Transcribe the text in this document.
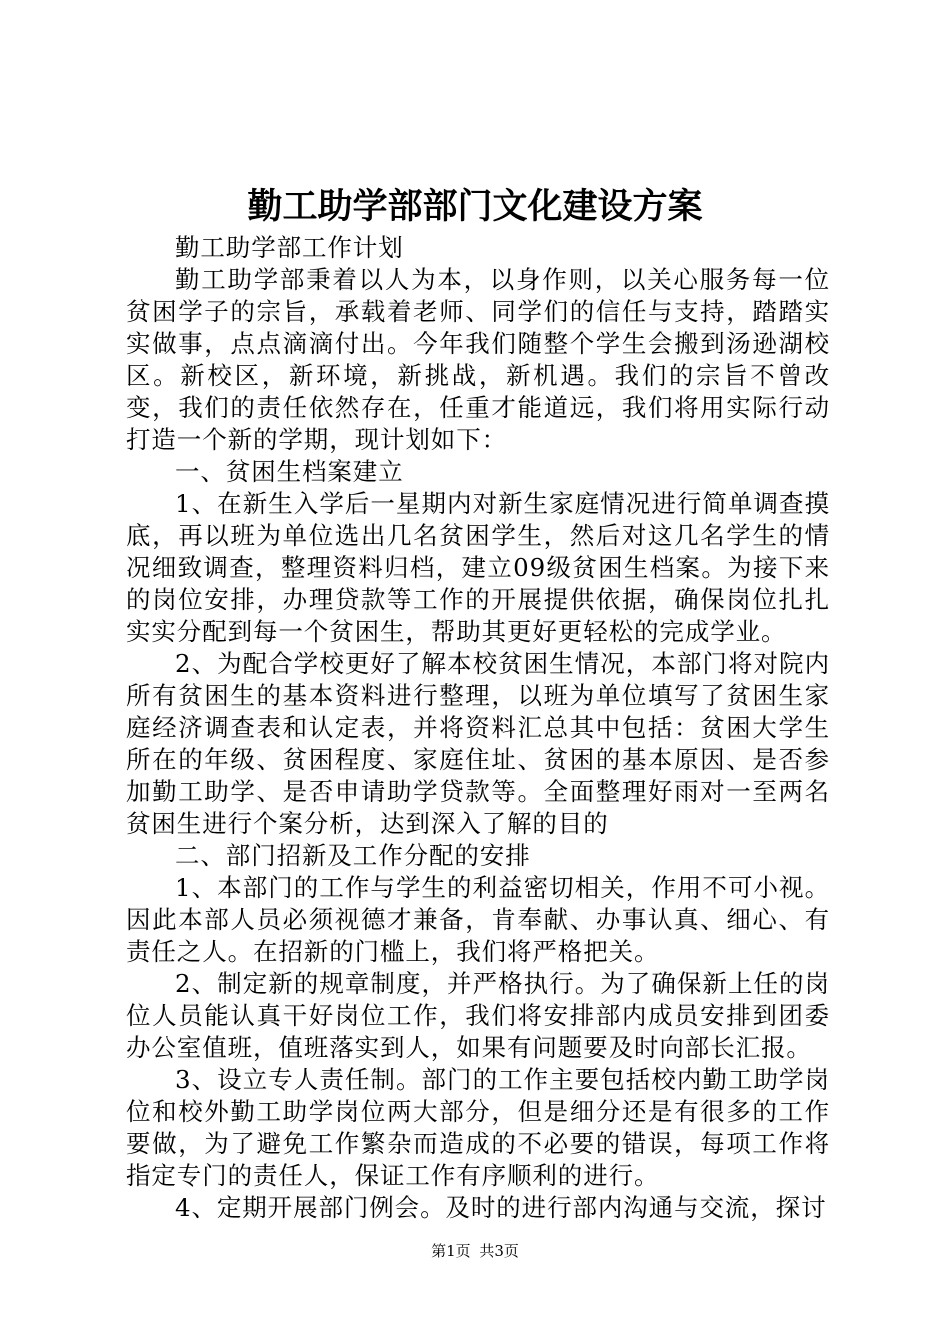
勤工助学部部门文化建设方案

勤工助学部工作计划

勤工助学部秉着以人为本，以身作则，以关心服务每一位贫困学子的宗旨，承载着老师、同学们的信任与支持，踏踏实实做事，点点滴滴付出。今年我们随整个学生会搬到汤逊湖校区。新校区，新环境，新挑战，新机遇。我们的宗旨不曾改变，我们的责任依然存在，任重才能道远，我们将用实际行动打造一个新的学期，现计划如下：

一、贫困生档案建立

1、在新生入学后一星期内对新生家庭情况进行简单调查摸底，再以班为单位选出几名贫困学生，然后对这几名学生的情况细致调查，整理资料归档，建立09级贫困生档案。为接下来的岗位安排，办理贷款等工作的开展提供依据，确保岗位扎扎实实分配到每一个贫困生，帮助其更好更轻松的完成学业。

2、为配合学校更好了解本校贫困生情况，本部门将对院内所有贫困生的基本资料进行整理，以班为单位填写了贫困生家庭经济调查表和认定表，并将资料汇总其中包括：贫困大学生所在的年级、贫困程度、家庭住址、贫困的基本原因、是否参加勤工助学、是否申请助学贷款等。全面整理好雨对一至两名贫困生进行个案分析，达到深入了解的目的

二、部门招新及工作分配的安排

1、本部门的工作与学生的利益密切相关，作用不可小视。因此本部人员必须视德才兼备，肯奉献、办事认真、细心、有责任之人。在招新的门槛上，我们将严格把关。

2、制定新的规章制度，并严格执行。为了确保新上任的岗位人员能认真干好岗位工作，我们将安排部内成员安排到团委办公室值班，值班落实到人，如果有问题要及时向部长汇报。

3、设立专人责任制。部门的工作主要包括校内勤工助学岗位和校外勤工助学岗位两大部分，但是细分还是有很多的工作要做，为了避免工作繁杂而造成的不必要的错误，每项工作将指定专门的责任人，保证工作有序顺利的进行。

4、定期开展部门例会。及时的进行部内沟通与交流，探讨

第1页 共3页
